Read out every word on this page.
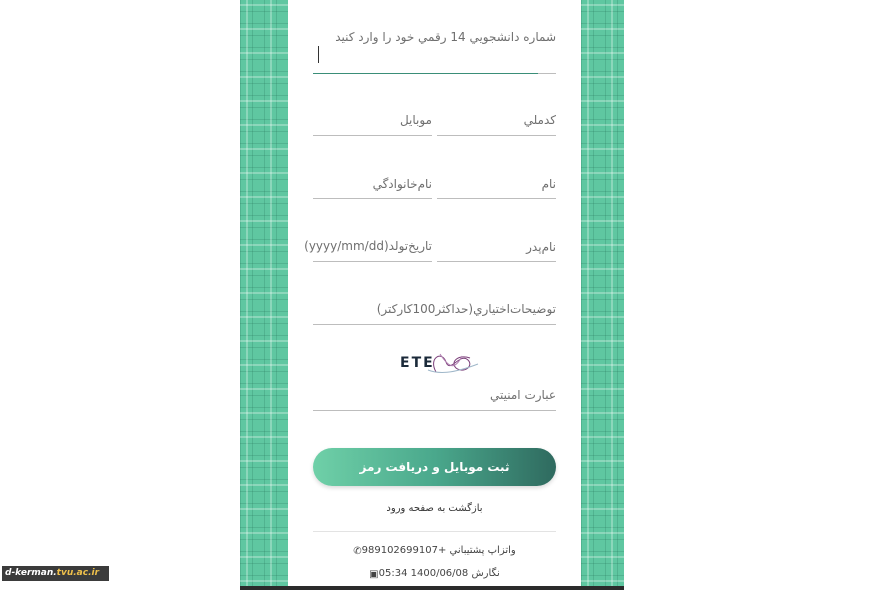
شماره دانشجويي 14 رقمي خود را وارد كنيد
كدملي
موبايل
نام
نام‌خانوادگي
نام‌پدر
تاريخ‌تولد(yyyy/mm/dd)
توضيحات‌اختياري(حداكثر100كاركتر)
ETE
عبارت امنيتي
ثبت موبايل و دريافت رمز
بازگشت به صفحه ورود
واتزاپ پشتيباني +989102699107✆
نگارش 1400/06/08 05:34▣
d-kerman.tvu.ac.ir
